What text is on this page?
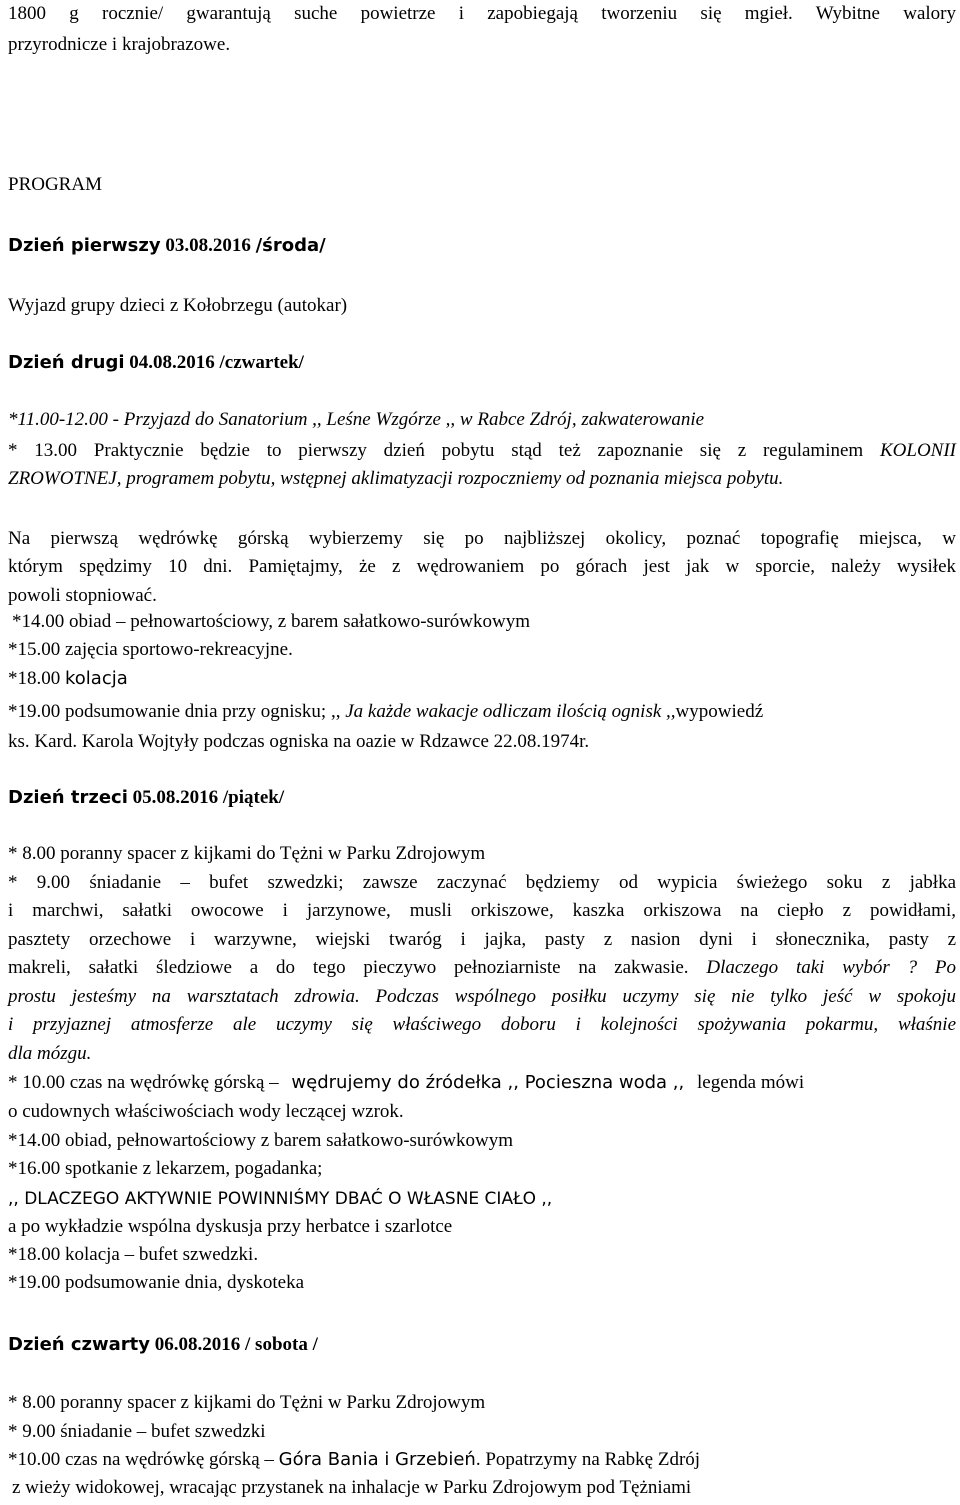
1800 g rocznie/ gwarantują suche powietrze i zapobiegają tworzeniu się mgieł. Wybitne walory
przyrodnicze i krajobrazowe.
PROGRAM
Dzień pierwszy 03.08.2016 /środa/
Wyjazd grupy dzieci z Kołobrzegu (autokar)
Dzień drugi 04.08.2016 /czwartek/
*11.00-12.00 - Przyjazd do Sanatorium ,, Leśne Wzgórze ,, w Rabce Zdrój, zakwaterowanie
* 13.00 Praktycznie będzie to pierwszy dzień pobytu stąd też zapoznanie się z regulaminem KOLONII
ZROWOTNEJ, programem pobytu, wstępnej aklimatyzacji rozpoczniemy od poznania miejsca pobytu.
Na pierwszą wędrówkę górską wybierzemy się po najbliższej okolicy, poznać topografię miejsca, w
którym spędzimy 10 dni. Pamiętajmy, że z wędrowaniem po górach jest jak w sporcie, należy wysiłek
powoli stopniować.
*14.00 obiad – pełnowartościowy, z barem sałatkowo-surówkowym
*15.00 zajęcia sportowo-rekreacyjne.
*18.00 kolacja
*19.00 podsumowanie dnia przy ognisku; ,, Ja każde wakacje odliczam ilością ognisk ,,wypowiedź
ks. Kard. Karola Wojtyły podczas ogniska na oazie w Rdzawce 22.08.1974r.
Dzień trzeci 05.08.2016 /piątek/
* 8.00 poranny spacer z kijkami do Tężni w Parku Zdrojowym
* 9.00 śniadanie – bufet szwedzki; zawsze zaczynać będziemy od wypicia świeżego soku z jabłka
i marchwi, sałatki owocowe i jarzynowe, musli orkiszowe, kaszka orkiszowa na ciepło z powidłami,
pasztety orzechowe i warzywne, wiejski twaróg i jajka, pasty z nasion dyni i słonecznika, pasty z
makreli, sałatki śledziowe a do tego pieczywo pełnoziarniste na zakwasie. Dlaczego taki wybór ? Po
prostu jesteśmy na warsztatach zdrowia. Podczas wspólnego posiłku uczymy się nie tylko jeść w spokoju
i przyjaznej atmosferze ale uczymy się właściwego doboru i kolejności spożywania pokarmu, właśnie
dla mózgu.
* 10.00 czas na wędrówkę górską – wędrujemy do źródełka ,, Pocieszna woda ,, legenda mówi
o cudownych właściwościach wody leczącej wzrok.
*14.00 obiad, pełnowartościowy z barem sałatkowo-surówkowym
*16.00 spotkanie z lekarzem, pogadanka;
,, DLACZEGO AKTYWNIE POWINNIŚMY DBAĆ O WŁASNE CIAŁO ,,
a po wykładzie wspólna dyskusja przy herbatce i szarlotce
*18.00 kolacja – bufet szwedzki.
*19.00 podsumowanie dnia, dyskoteka
Dzień czwarty 06.08.2016 / sobota /
* 8.00 poranny spacer z kijkami do Tężni w Parku Zdrojowym
* 9.00 śniadanie – bufet szwedzki
*10.00 czas na wędrówkę górską – Góra Bania i Grzebień. Popatrzymy na Rabkę Zdrój
z wieży widokowej, wracając przystanek na inhalacje w Parku Zdrojowym pod Tężniami
